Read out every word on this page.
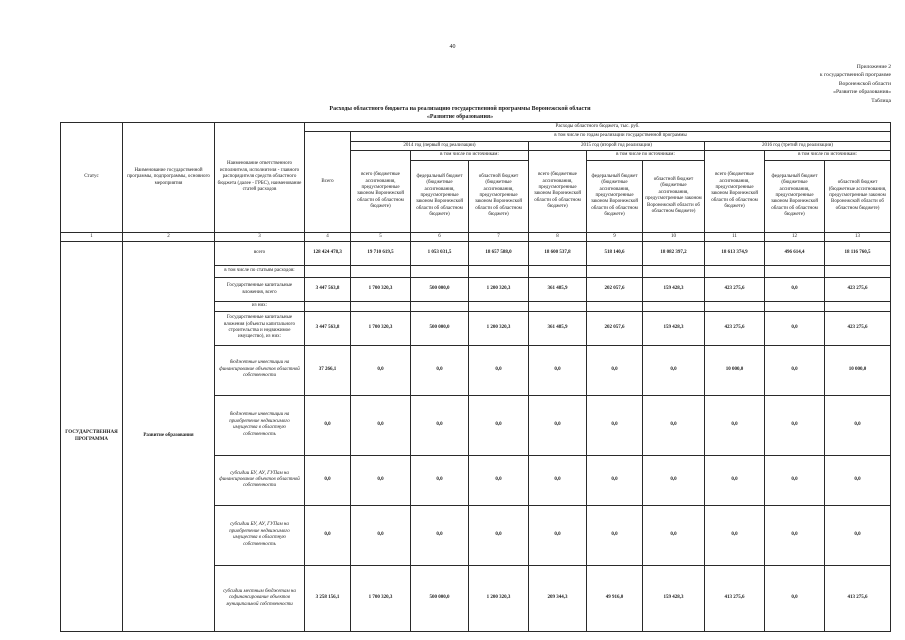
40
Приложение 2
к государственной программе
Воронежской области
«Развитие образования»
Таблица
Расходы областного бюджета на реализацию государственной программы Воронежской области
«Развитие образования»
Статус	Наименование государственной программы, подпрограммы, основного мероприятия	Наименование ответственного исполнителя, исполнителя - главного распорядителя средств областного бюджета (далее - ГРБС), наименование статей расходов	Расходы областного бюджета, тыс. руб.									
			Всего	в том числе по годам реализации государственной программы								
				2014 год (первый год реализации)			2015 год (второй год реализации)			2016 год (третий год реализации)		
				всего (бюджетные ассигнования, предусмотренные законом Воронежской области об областном бюджете)	в том числе по источникам:		всего (бюджетные ассигнования, предусмотренные законом Воронежской области об областном бюджете)	в том числе по источникам:		всего (бюджетные ассигнования, предусмотренные законом Воронежской области об областном бюджете)	в том числе по источникам:	
					федеральный бюджет (бюджетные ассигнования, предусмотренные законом Воронежской области об областном бюджете)	областной бюджет (бюджетные ассигнования, предусмотренные законом Воронежской области об областном бюджете)		федеральный бюджет (бюджетные ассигнования, предусмотренные законом Воронежской области об областном бюджете)	областной бюджет (бюджетные ассигнования, предусмотренные законом Воронежской области об областном бюджете)		федеральный бюджет (бюджетные ассигнования, предусмотренные законом Воронежской области об областном бюджете)	областной бюджет (бюджетные ассигнования, предусмотренные законом Воронежской области об областном бюджете)
1	2	3	4	5	6	7	8	9	10	11	12	13
ГОСУДАРСТВЕННАЯ ПРОГРАММА	Развитие образования	всего	128 424 478,3	19 710 619,5	1 053 031,5	18 657 588,0	18 600 537,8	518 140,6	18 082 397,2	18 613 374,9	496 614,4	18 116 760,5
		в том числе по статьям расходов:										
		Государственные капитальные вложения, всего	3 447 563,8	1 700 320,3	500 000,0	1 200 320,3	361 485,9	202 057,6	159 428,3	423 275,6	0,0	423 275,6
		из них:										
		Государственные капитальные вложения (объекты капитального строительства и недвижимое имущество), из них:	3 447 563,8	1 700 320,3	500 000,0	1 200 320,3	361 485,9	202 057,6	159 428,3	423 275,6	0,0	423 275,6
		бюджетные инвестиции на финансирование объектов областной собственности	37 266,1	0,0	0,0	0,0	0,0	0,0	0,0	10 000,0	0,0	10 000,0
		бюджетные инвестиции на приобретение недвижимого имущества в областную собственность	0,0	0,0	0,0	0,0	0,0	0,0	0,0	0,0	0,0	0,0
		субсидии БУ, АУ, ГУПам на финансирование объектов областной собственности	0,0	0,0	0,0	0,0	0,0	0,0	0,0	0,0	0,0	0,0
		субсидии БУ, АУ, ГУПам на приобретение недвижимого имущества в областную собственность	0,0	0,0	0,0	0,0	0,0	0,0	0,0	0,0	0,0	0,0
		субсидии местным бюджетам на софинансирование объектов муниципальной собственности	3 258 156,1	1 700 320,3	500 000,0	1 200 320,3	209 344,3	49 916,0	159 428,3	413 275,6	0,0	413 275,6
